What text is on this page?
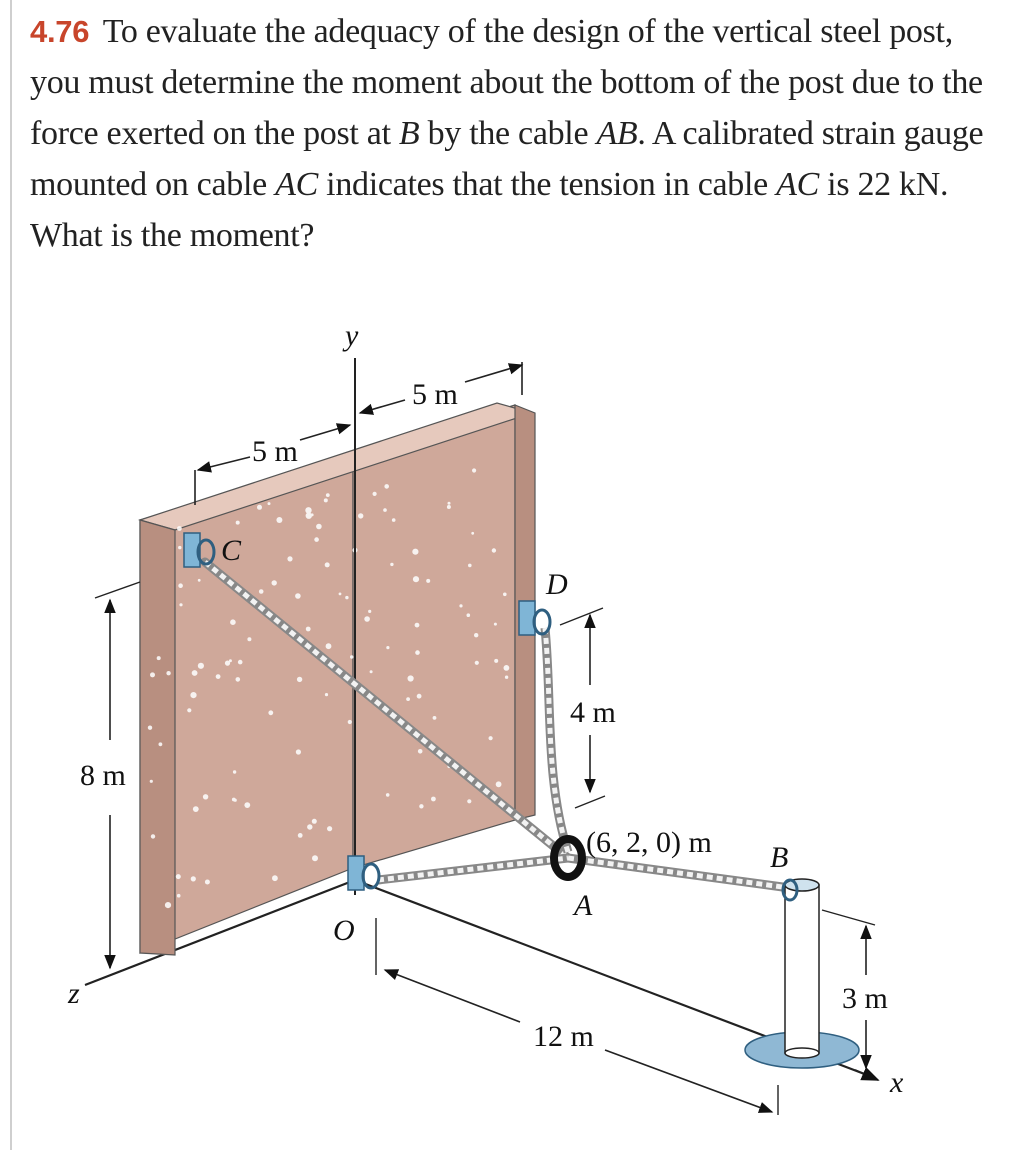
4.76 To evaluate the adequacy of the design of the vertical steel post, you must determine the moment about the bottom of the post due to the force exerted on the post at B by the cable AB. A calibrated strain gauge mounted on cable AC indicates that the tension in cable AC is 22 kN. What is the moment?
y
5 m
5 m
8 m
z
4 m
3 m
x
12 m
C
D
O
A
B
(6, 2, 0) m
